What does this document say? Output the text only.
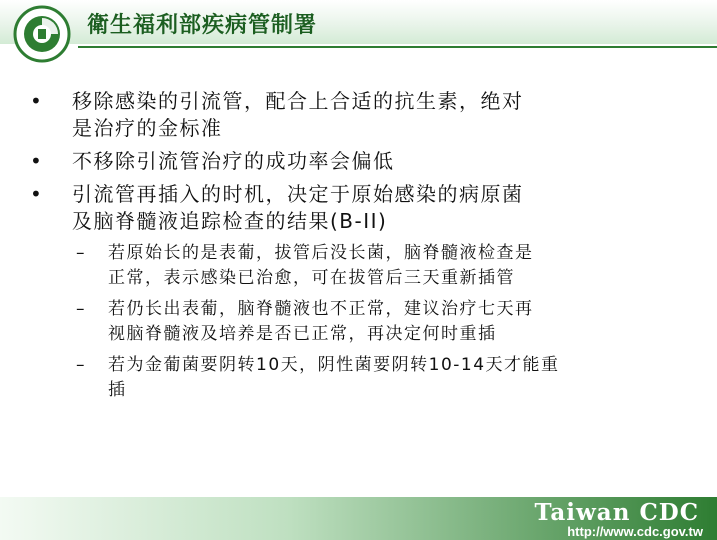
衛生福利部疾病管制署
•	移除感染的引流管，配合上合适的抗生素，绝对
是治疗的金标准
•	不移除引流管治疗的成功率会偏低
•	引流管再插入的时机，决定于原始感染的病原菌
及脑脊髓液追踪检查的结果(B-II)
– 若原始长的是表葡，拔管后没长菌，脑脊髓液检查是
正常，表示感染已治愈，可在拔管后三天重新插管
– 若仍长出表葡，脑脊髓液也不正常，建议治疗七天再
视脑脊髓液及培养是否已正常，再决定何时重插
– 若为金葡菌要阴转10天，阴性菌要阴转10-14天才能重
插
Taiwan CDC
http://www.cdc.gov.tw
